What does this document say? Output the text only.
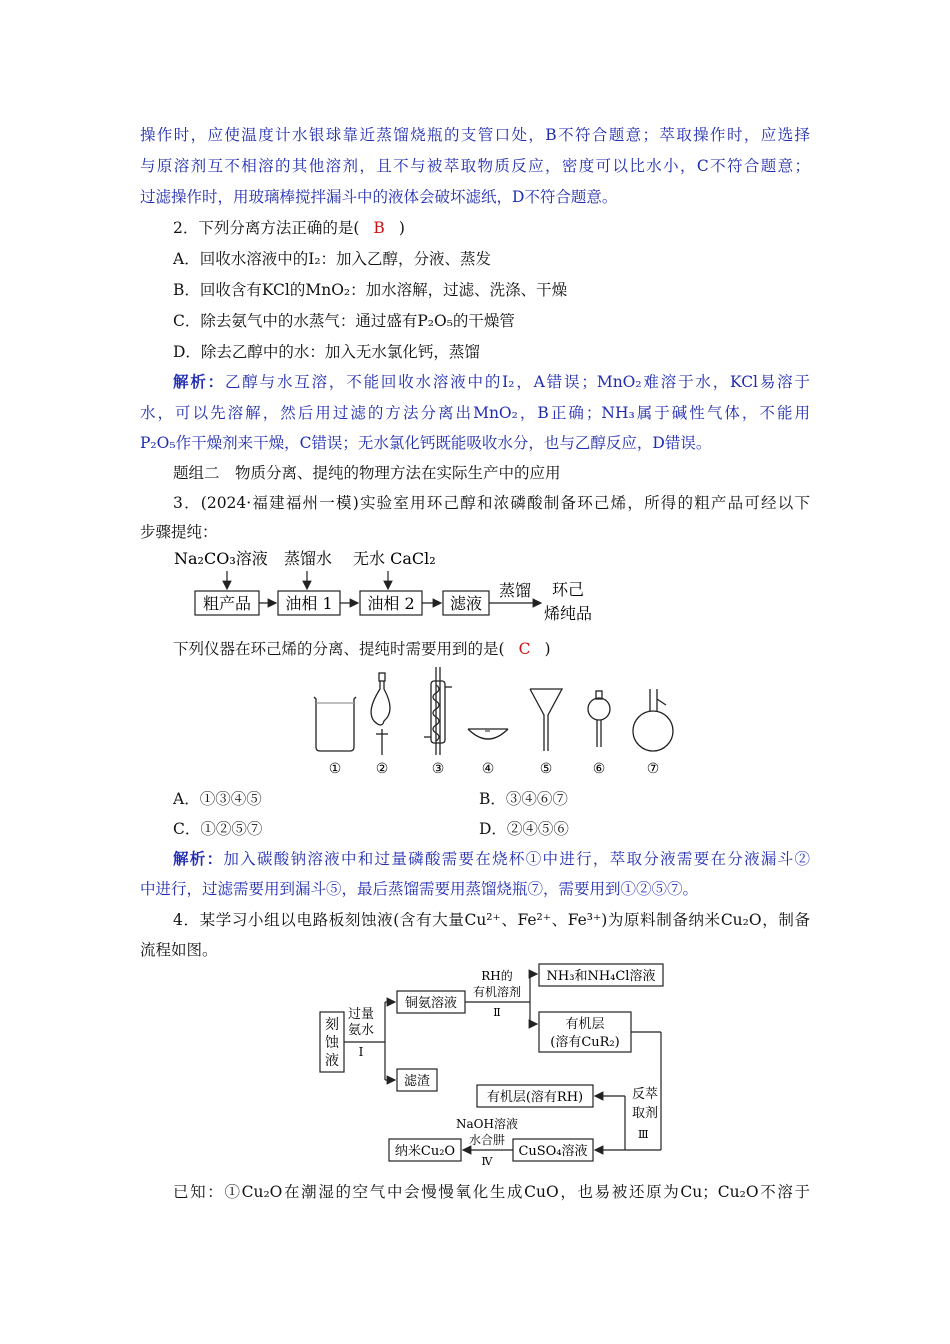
操作时，应使温度计水银球靠近蒸馏烧瓶的支管口处，B不符合题意；萃取操作时，应选择
与原溶剂互不相溶的其他溶剂，且不与被萃取物质反应，密度可以比水小，C不符合题意；
过滤操作时，用玻璃棒搅拌漏斗中的液体会破坏滤纸，D不符合题意。
2．下列分离方法正确的是( B )
A．回收水溶液中的I₂：加入乙醇，分液、蒸发
B．回收含有KCl的MnO₂：加水溶解，过滤、洗涤、干燥
C．除去氨气中的水蒸气：通过盛有P₂O₅的干燥管
D．除去乙醇中的水：加入无水氯化钙，蒸馏
解析：乙醇与水互溶，不能回收水溶液中的I₂，A错误；MnO₂难溶于水，KCl易溶于
水，可以先溶解，然后用过滤的方法分离出MnO₂，B正确；NH₃属于碱性气体，不能用
P₂O₅作干燥剂来干燥，C错误；无水氯化钙既能吸收水分，也与乙醇反应，D错误。
题组二　物质分离、提纯的物理方法在实际生产中的应用
3．(2024·福建福州一模)实验室用环己醇和浓磷酸制备环己烯，所得的粗产品可经以下
步骤提纯：
Na₂CO₃溶液 蒸馏水 无水 CaCl₂
粗产品 油相 1 油相 2 滤液
蒸馏 环己
烯纯品
下列仪器在环己烯的分离、提纯时需要用到的是( C )
① ②	③	④	⑤	⑥	⑦
A．①③④⑤	B．③④⑥⑦
C．①②⑤⑦	D．②④⑤⑥
解析：加入碳酸钠溶液中和过量磷酸需要在烧杯①中进行，萃取分液需要在分液漏斗②
中进行，过滤需要用到漏斗⑤，最后蒸馏需要用蒸馏烧瓶⑦，需要用到①②⑤⑦。
4．某学习小组以电路板刻蚀液(含有大量Cu²⁺、Fe²⁺、Fe³⁺)为原料制备纳米Cu₂O，制备
流程如图。
刻
蚀
液
过量
氨水
Ⅰ
铜氨溶液
滤渣
RH的
有机溶剂
Ⅱ
NH₃和NH₄Cl溶液
有机层
(溶有CuR₂)
反萃
取剂
Ⅲ
有机层(溶有RH)
CuSO₄溶液
NaOH溶液
水合肼
Ⅳ
纳米Cu₂O
已知：①Cu₂O在潮湿的空气中会慢慢氧化生成CuO，也易被还原为Cu；Cu₂O不溶于
